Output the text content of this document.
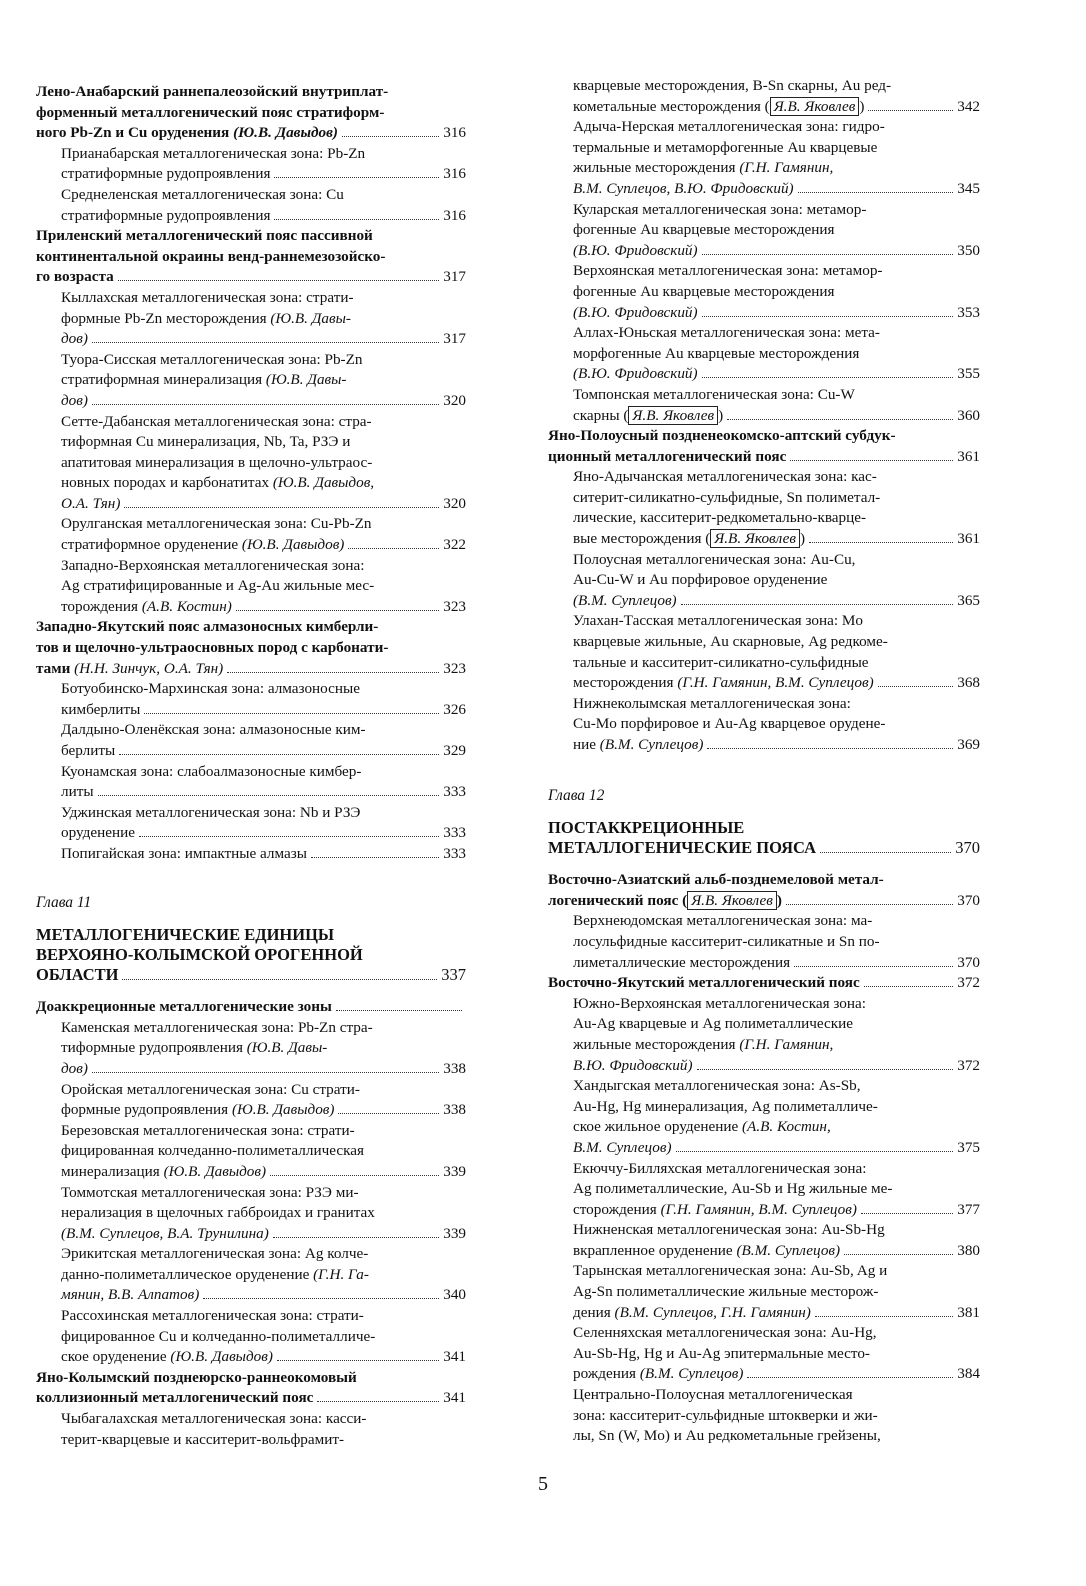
Лено-Анабарский раннепалеозойский внутриплат-
форменный металлогенический пояс стратиформ-
ного Pb-Zn и Cu оруденения (Ю.В. Давыдов)	316
Прианабарская металлогеническая зона: Pb-Zn
стратиформные рудопроявления	316
Среднеленская металлогеническая зона: Cu
стратиформные рудопроявления	316
Приленский металлогенический пояс пассивной
континентальной окраины венд-раннемезозойско-
го возраста	317
Кыллахская металлогеническая зона: страти-
формные Pb-Zn месторождения (Ю.В. Давы-
дов)	317
Туора-Сисская металлогеническая зона: Pb-Zn
стратиформная минерализация (Ю.В. Давы-
дов)	320
Сетте-Дабанская металлогеническая зона: стра-
тиформная Cu минерализация, Nb, Ta, РЗЭ и
апатитовая минерализация в щелочно-ультраос-
новных породах и карбонатитах (Ю.В. Давыдов,
О.А. Тян)	320
Орулганская металлогеническая зона: Cu-Pb-Zn
стратиформное оруденение (Ю.В. Давыдов)	322
Западно-Верхоянская металлогеническая зона:
Ag стратифицированные и Ag-Au жильные мес-
торождения (А.В. Костин)	323
Западно-Якутский пояс алмазоносных кимберли-
тов и щелочно-ультраосновных пород с карбонати-
тами (Н.Н. Зинчук, О.А. Тян)	323
Ботуобинско-Мархинская зона: алмазоносные
кимберлиты	326
Далдыно-Оленёкская зона: алмазоносные ким-
берлиты	329
Куонамская зона: слабоалмазоносные кимбер-
литы	333
Уджинская металлогеническая зона: Nb и РЗЭ
оруденение	333
Попигайская зона: импактные алмазы	333
Глава 11
МЕТАЛЛОГЕНИЧЕСКИЕ ЕДИНИЦЫ
ВЕРХОЯНО-КОЛЫМСКОЙ ОРОГЕННОЙ
ОБЛАСТИ	337
Доаккреционные металлогенические зоны
Каменская металлогеническая зона: Pb-Zn стра-
тиформные рудопроявления (Ю.В. Давы-
дов)	338
Оройская металлогеническая зона: Cu страти-
формные рудопроявления (Ю.В. Давыдов)	338
Березовская металлогеническая зона: страти-
фицированная колчеданно-полиметаллическая
минерализация (Ю.В. Давыдов)	339
Томмотская металлогеническая зона: РЗЭ ми-
нерализация в щелочных габброидах и гранитах
(В.М. Суплецов, В.А. Трунилина)	339
Эрикитская металлогеническая зона: Ag колче-
данно-полиметаллическое оруденение (Г.Н. Га-
мянин, В.В. Алпатов)	340
Рассохинская металлогеническая зона: страти-
фицированное Cu и колчеданно-полиметалличе-
ское оруденение (Ю.В. Давыдов)	341
Яно-Колымский позднеюрско-раннеокомовый
коллизионный металлогенический пояс	341
Чыбагалахская металлогеническая зона: касси-
терит-кварцевые и касситерит-вольфрамит-
кварцевые месторождения, B-Sn скарны, Au ред-
кометальные месторождения ( Я.В. Яковлев )	342
Адыча-Нерская металлогеническая зона: гидро-
термальные и метаморфогенные Au кварцевые
жильные месторождения (Г.Н. Гамянин,
В.М. Суплецов, В.Ю. Фридовский)	345
Куларская металлогеническая зона: метамор-
фогенные Au кварцевые месторождения
(В.Ю. Фридовский)	350
Верхоянская металлогеническая зона: метамор-
фогенные Au кварцевые месторождения
(В.Ю. Фридовский)	353
Аллах-Юньская металлогеническая зона: мета-
морфогенные Au кварцевые месторождения
(В.Ю. Фридовский)	355
Томпонская металлогеническая зона: Cu-W
скарны ( Я.В. Яковлев )	360
Яно-Полоусный поздненеокомско-аптский субдук-
ционный металлогенический пояс	361
Яно-Адычанская металлогеническая зона: кас-
ситерит-силикатно-сульфидные, Sn полиметал-
лические, касситерит-редкометально-кварце-
вые месторождения ( Я.В. Яковлев )	361
Полоусная металлогеническая зона: Au-Cu,
Au-Cu-W и Au порфировое оруденение
(В.М. Суплецов)	365
Улахан-Тасская металлогеническая зона: Mo
кварцевые жильные, Au скарновые, Ag редкоме-
тальные и касситерит-силикатно-сульфидные
месторождения (Г.Н. Гамянин, В.М. Суплецов)	368
Нижнеколымская металлогеническая зона:
Cu-Mo порфировое и Au-Ag кварцевое оруденe-
ние (В.М. Суплецов)	369
Глава 12
ПОСТАККРЕЦИОННЫЕ
МЕТАЛЛОГЕНИЧЕСКИЕ ПОЯСА	370
Восточно-Азиатский альб-позднемеловой метал-
логенический пояс ( Я.В. Яковлев )	370
Верхнеюдомская металлогеническая зона: ма-
лосульфидные касситерит-силикатные и Sn по-
лиметаллические месторождения	370
Восточно-Якутский металлогенический пояс	372
Южно-Верхоянская металлогеническая зона:
Au-Ag кварцевые и Ag полиметаллические
жильные месторождения (Г.Н. Гамянин,
В.Ю. Фридовский)	372
Хандыгская металлогеническая зона: As-Sb,
Au-Hg, Hg минерализация, Ag полиметалличе-
ское жильное оруденение (А.В. Костин,
В.М. Суплецов)	375
Екюччу-Билляхская металлогеническая зона:
Ag полиметаллические, Au-Sb и Hg жильные ме-
сторождения (Г.Н. Гамянин, В.М. Суплецов)	377
Нижненская металлогеническая зона: Au-Sb-Hg
вкрапленное оруденение (В.М. Суплецов)	380
Тарынская металлогеническая зона: Au-Sb, Ag и
Ag-Sn полиметаллические жильные месторож-
дения (В.М. Суплецов, Г.Н. Гамянин)	381
Селенняхская металлогеническая зона: Au-Hg,
Au-Sb-Hg, Hg и Au-Ag эпитермальные место-
рождения (В.М. Суплецов)	384
Центрально-Полоусная металлогеническая
зона: касситерит-сульфидные штокверки и жи-
лы, Sn (W, Mo) и Au редкометальные грейзены,
5
